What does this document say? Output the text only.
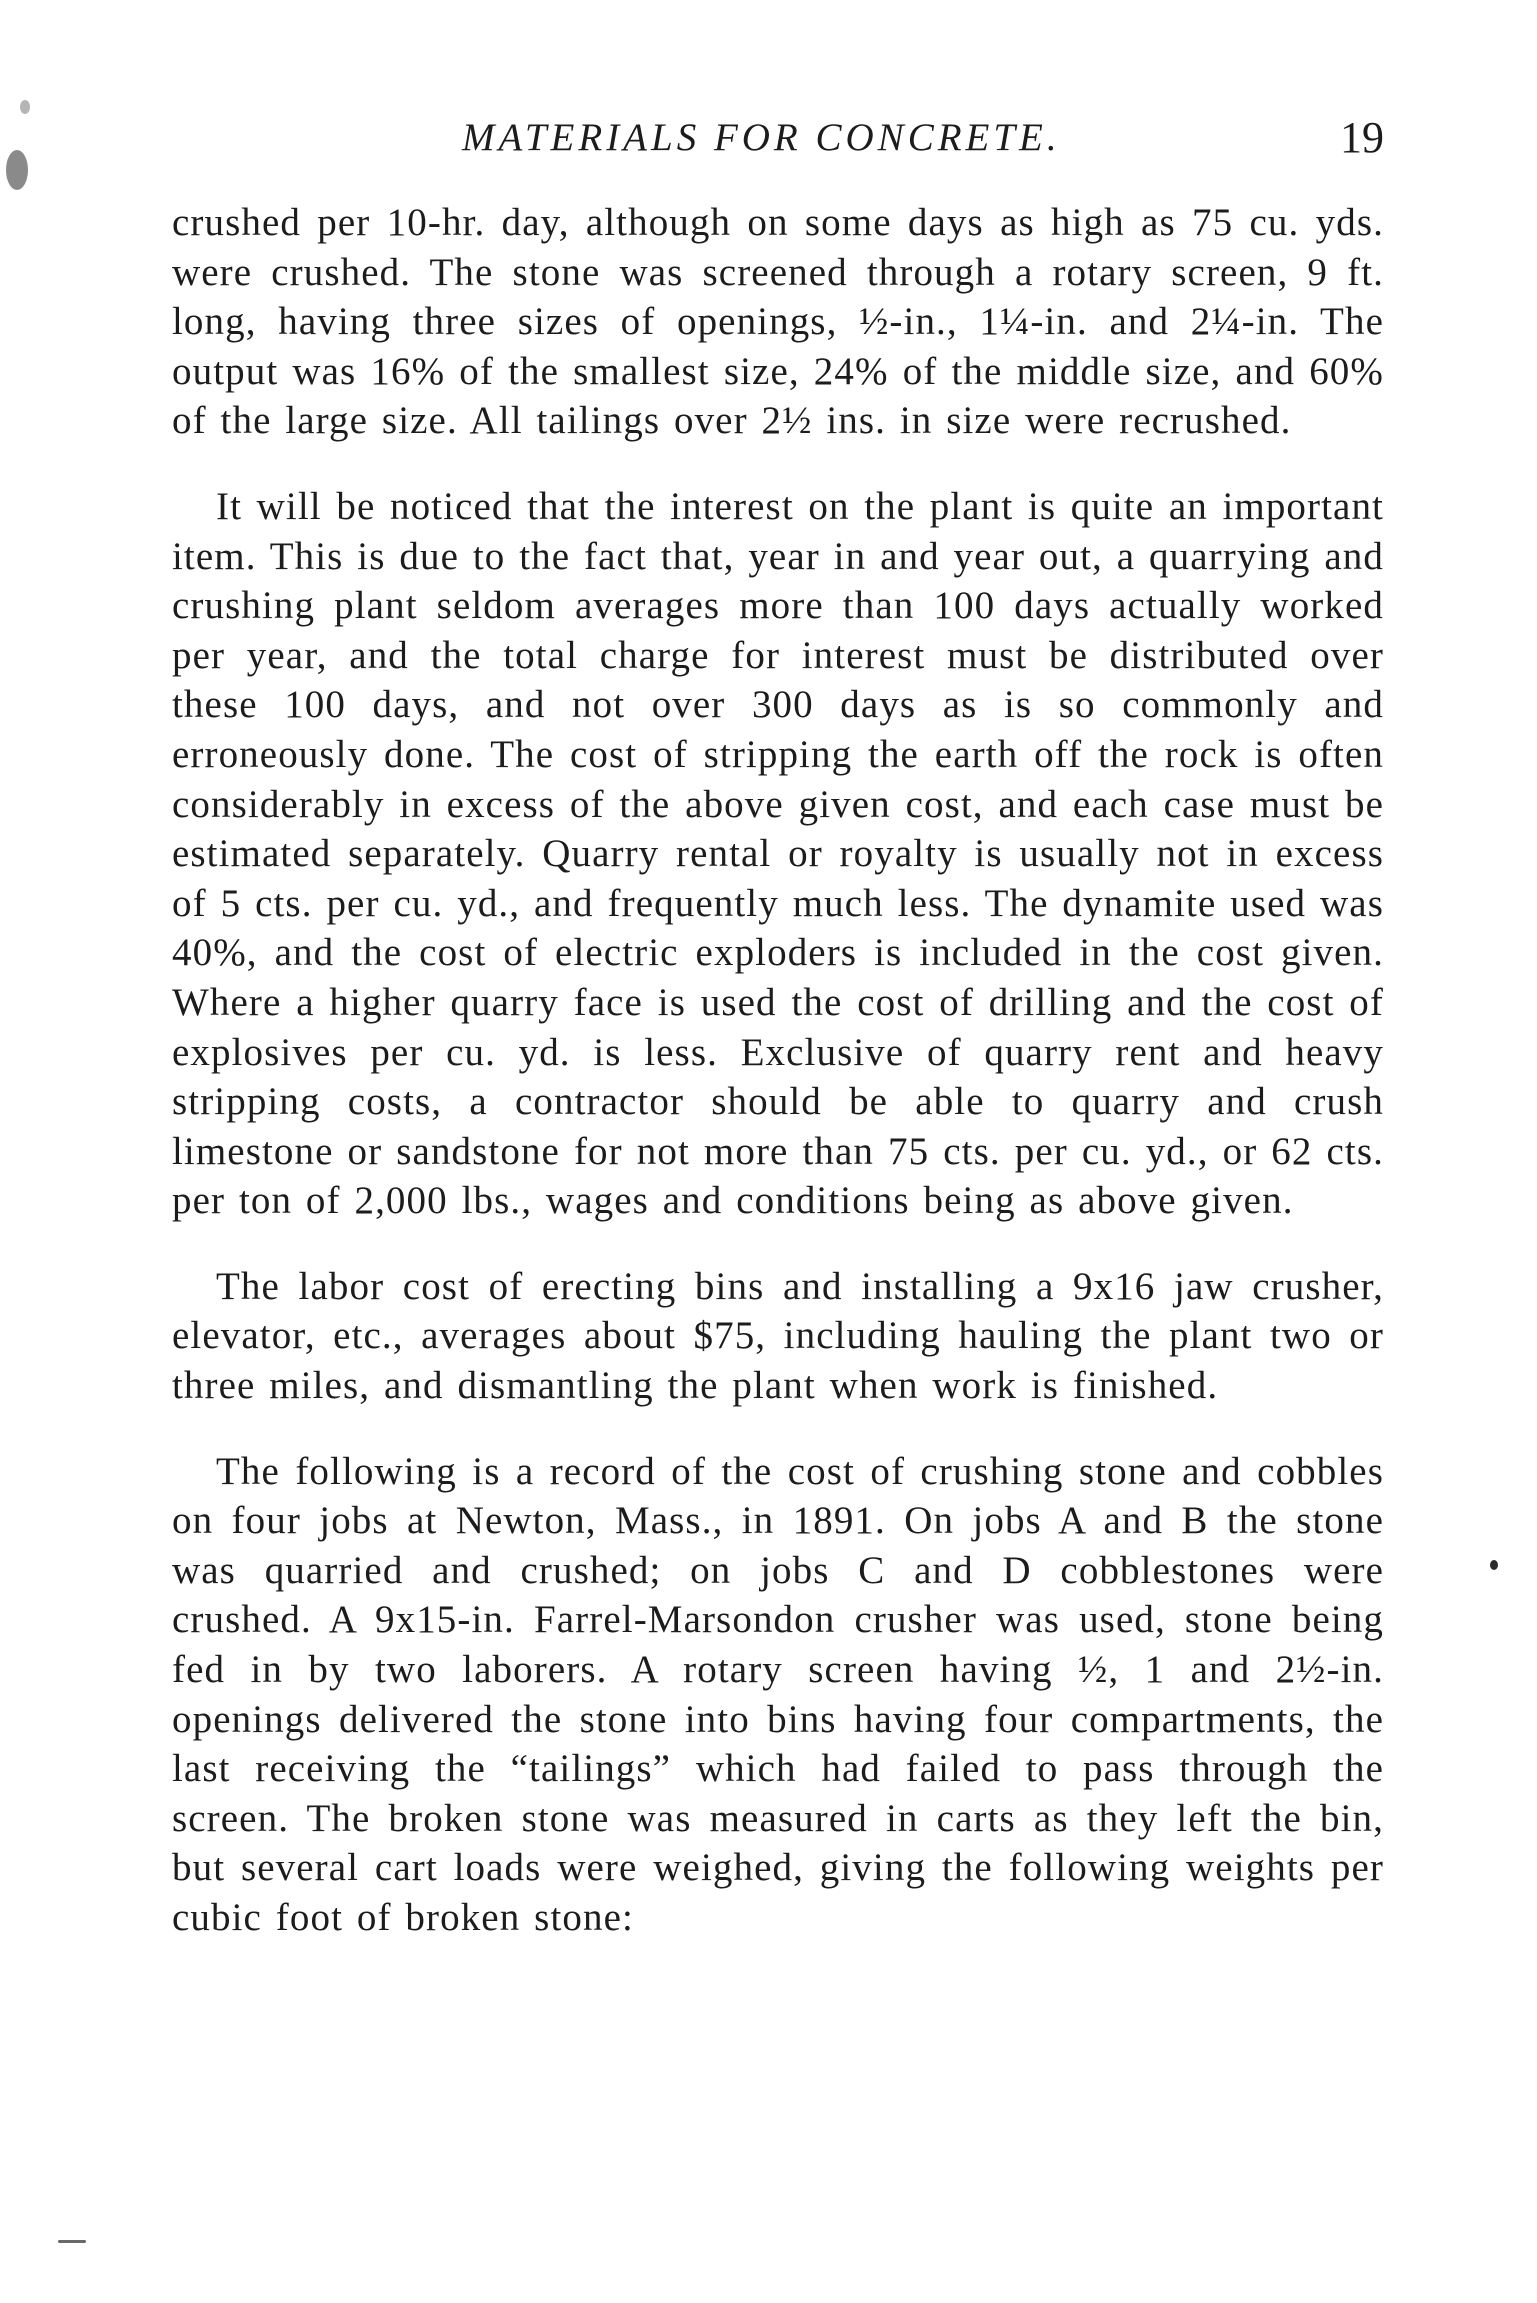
MATERIALS FOR CONCRETE.	19

crushed per 10-hr. day, although on some days as high as 75 cu. yds. were crushed. The stone was screened through a rotary screen, 9 ft. long, having three sizes of openings, ½-in., 1¼-in. and 2¼-in. The output was 16% of the smallest size, 24% of the middle size, and 60% of the large size. All tailings over 2½ ins. in size were recrushed.

It will be noticed that the interest on the plant is quite an important item. This is due to the fact that, year in and year out, a quarrying and crushing plant seldom averages more than 100 days actually worked per year, and the total charge for interest must be distributed over these 100 days, and not over 300 days as is so commonly and erroneously done. The cost of stripping the earth off the rock is often considerably in excess of the above given cost, and each case must be estimated separately. Quarry rental or royalty is usually not in excess of 5 cts. per cu. yd., and frequently much less. The dynamite used was 40%, and the cost of electric exploders is included in the cost given. Where a higher quarry face is used the cost of drilling and the cost of explosives per cu. yd. is less. Exclusive of quarry rent and heavy stripping costs, a contractor should be able to quarry and crush limestone or sandstone for not more than 75 cts. per cu. yd., or 62 cts. per ton of 2,000 lbs., wages and conditions being as above given.

The labor cost of erecting bins and installing a 9x16 jaw crusher, elevator, etc., averages about $75, including hauling the plant two or three miles, and dismantling the plant when work is finished.

The following is a record of the cost of crushing stone and cobbles on four jobs at Newton, Mass., in 1891. On jobs A and B the stone was quarried and crushed; on jobs C and D cobblestones were crushed. A 9x15-in. Farrel-Marsondon crusher was used, stone being fed in by two laborers. A rotary screen having ½, 1 and 2½-in. openings delivered the stone into bins having four compartments, the last receiving the “tailings” which had failed to pass through the screen. The broken stone was measured in carts as they left the bin, but several cart loads were weighed, giving the following weights per cubic foot of broken stone:
